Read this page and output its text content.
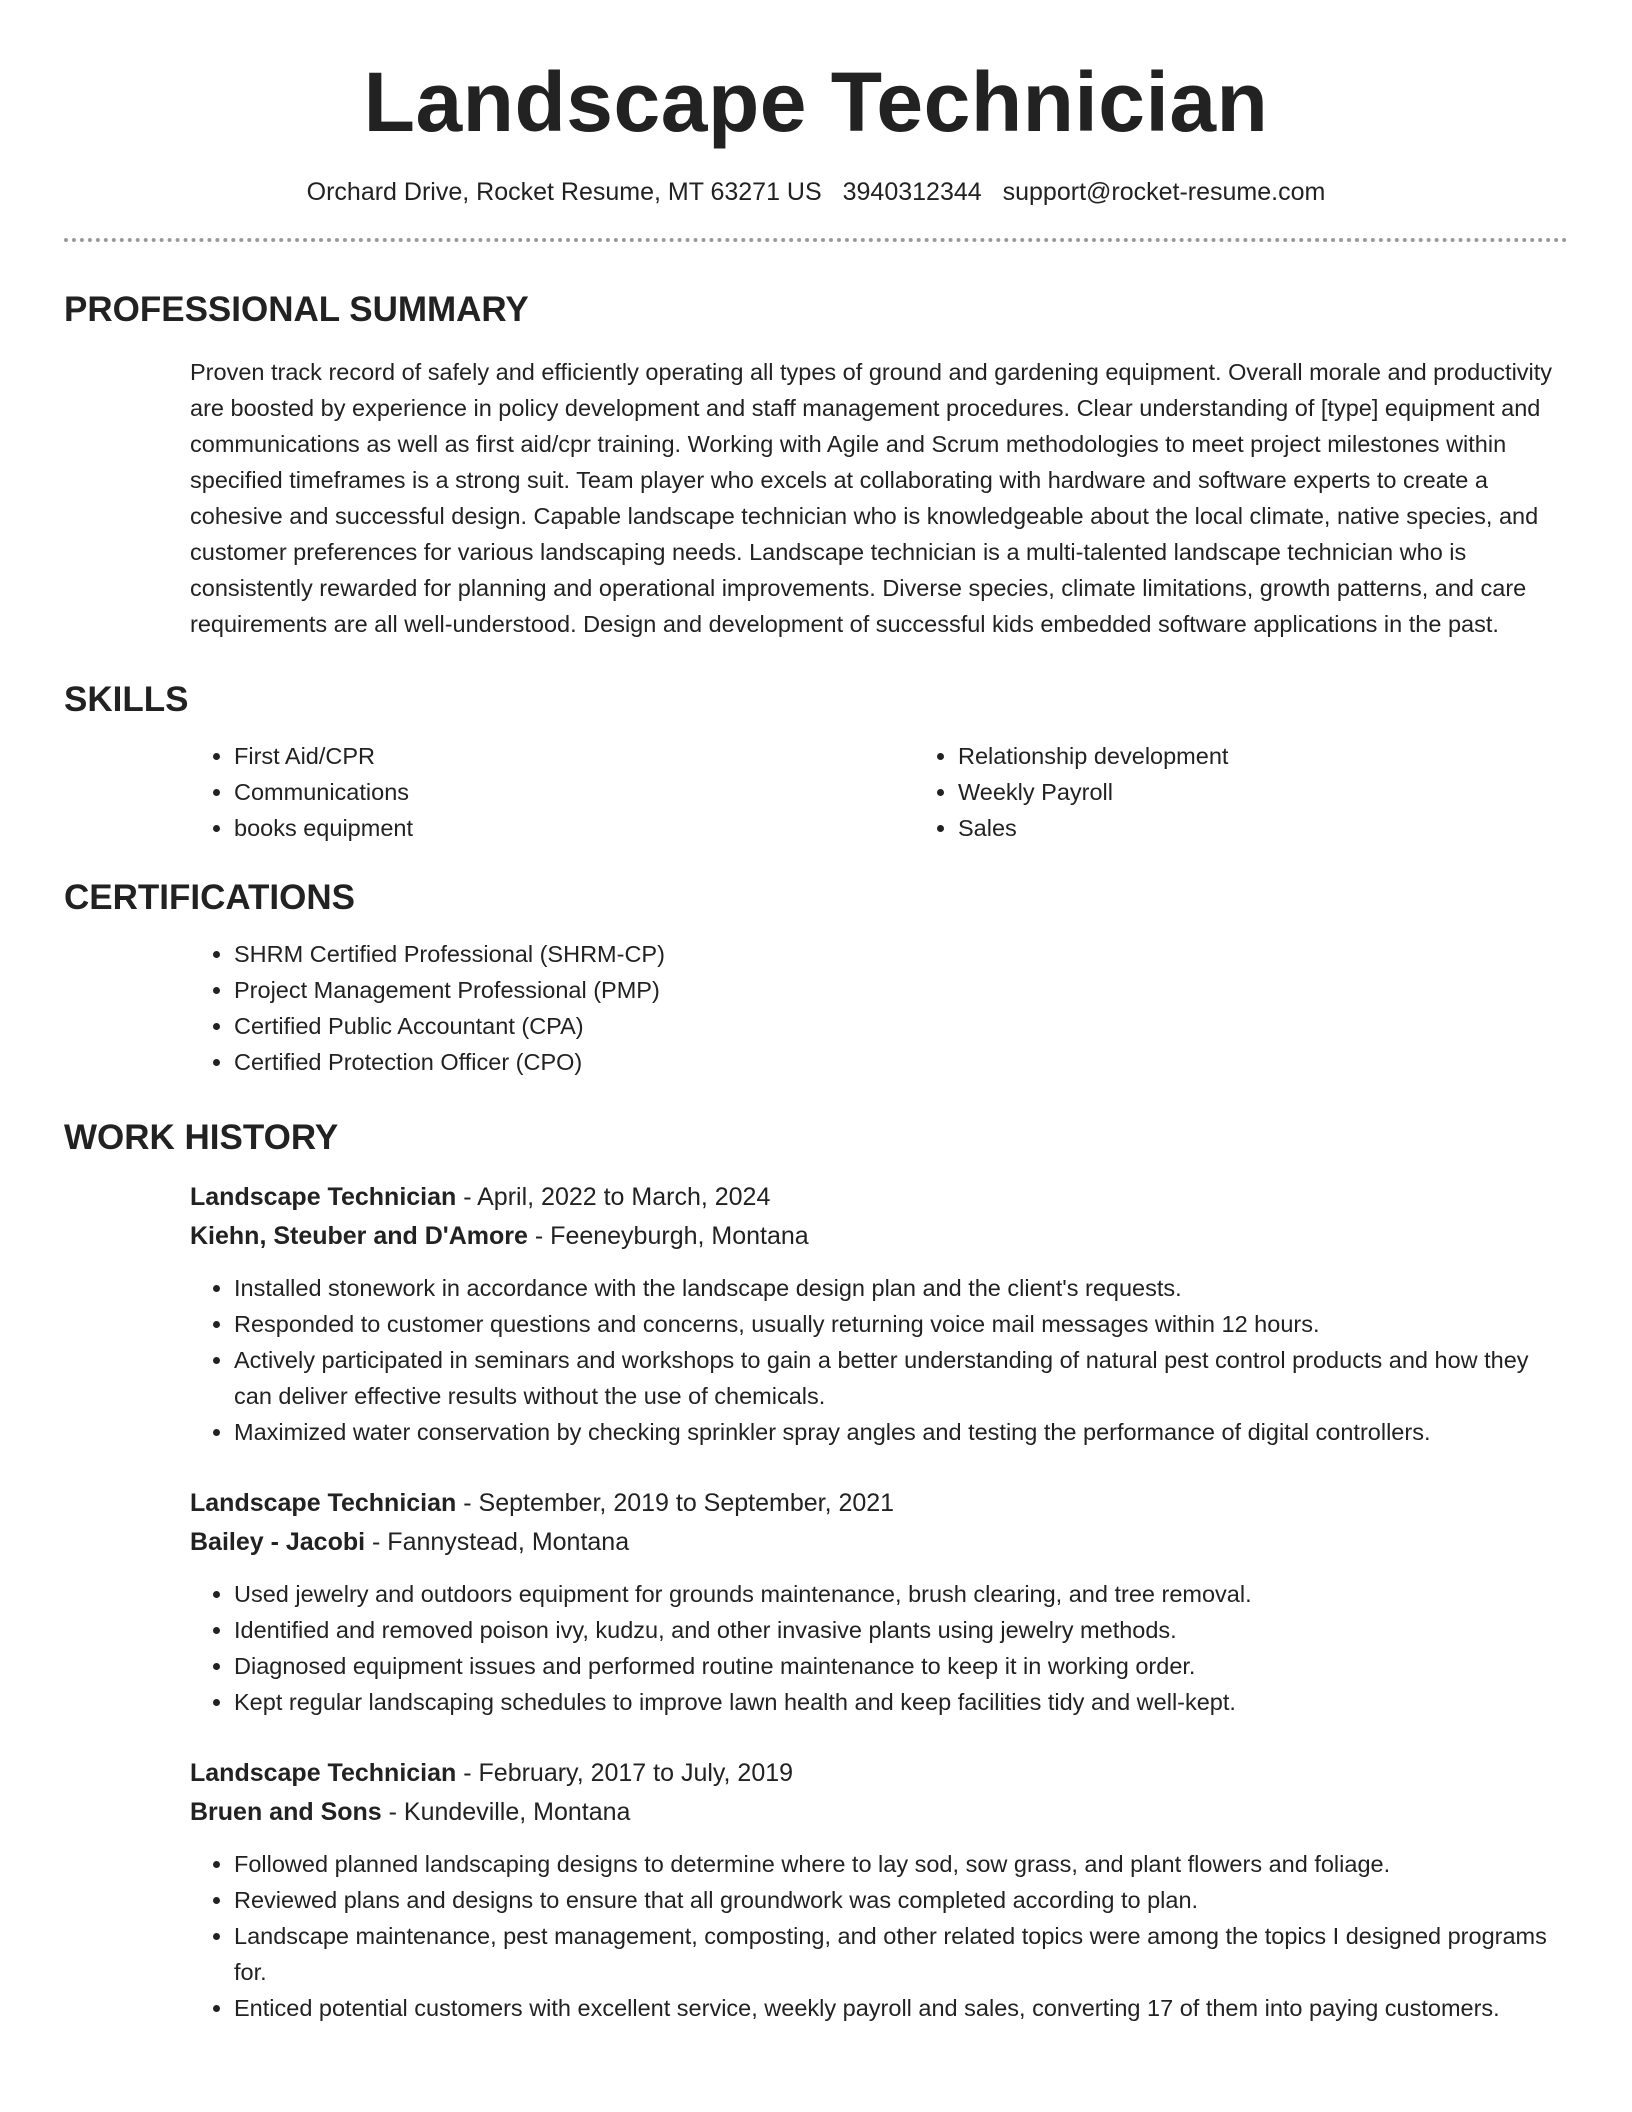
Landscape Technician
Orchard Drive, Rocket Resume, MT 63271 US 3940312344 support@rocket-resume.com
PROFESSIONAL SUMMARY

Proven track record of safely and efficiently operating all types of ground and gardening equipment. Overall morale and productivity are boosted by experience in policy development and staff management procedures. Clear understanding of [type] equipment and communications as well as first aid/cpr training. Working with Agile and Scrum methodologies to meet project milestones within specified timeframes is a strong suit. Team player who excels at collaborating with hardware and software experts to create a cohesive and successful design. Capable landscape technician who is knowledgeable about the local climate, native species, and customer preferences for various landscaping needs. Landscape technician is a multi-talented landscape technician who is consistently rewarded for planning and operational improvements. Diverse species, climate limitations, growth patterns, and care requirements are all well-understood. Design and development of successful kids embedded software applications in the past.

SKILLS
• First Aid/CPR
• Communications
• books equipment
• Relationship development
• Weekly Payroll
• Sales
CERTIFICATIONS
• SHRM Certified Professional (SHRM-CP)
• Project Management Professional (PMP)
• Certified Public Accountant (CPA)
• Certified Protection Officer (CPO)
WORK HISTORY
Landscape Technician - April, 2022 to March, 2024
Kiehn, Steuber and D'Amore - Feeneyburgh, Montana
• Installed stonework in accordance with the landscape design plan and the client's requests.
• Responded to customer questions and concerns, usually returning voice mail messages within 12 hours.
• Actively participated in seminars and workshops to gain a better understanding of natural pest control products and how they can deliver effective results without the use of chemicals.
• Maximized water conservation by checking sprinkler spray angles and testing the performance of digital controllers.
Landscape Technician - September, 2019 to September, 2021
Bailey - Jacobi - Fannystead, Montana
• Used jewelry and outdoors equipment for grounds maintenance, brush clearing, and tree removal.
• Identified and removed poison ivy, kudzu, and other invasive plants using jewelry methods.
• Diagnosed equipment issues and performed routine maintenance to keep it in working order.
• Kept regular landscaping schedules to improve lawn health and keep facilities tidy and well-kept.
Landscape Technician - February, 2017 to July, 2019
Bruen and Sons - Kundeville, Montana
• Followed planned landscaping designs to determine where to lay sod, sow grass, and plant flowers and foliage.
• Reviewed plans and designs to ensure that all groundwork was completed according to plan.
• Landscape maintenance, pest management, composting, and other related topics were among the topics I designed programs for.
• Enticed potential customers with excellent service, weekly payroll and sales, converting 17 of them into paying customers.
